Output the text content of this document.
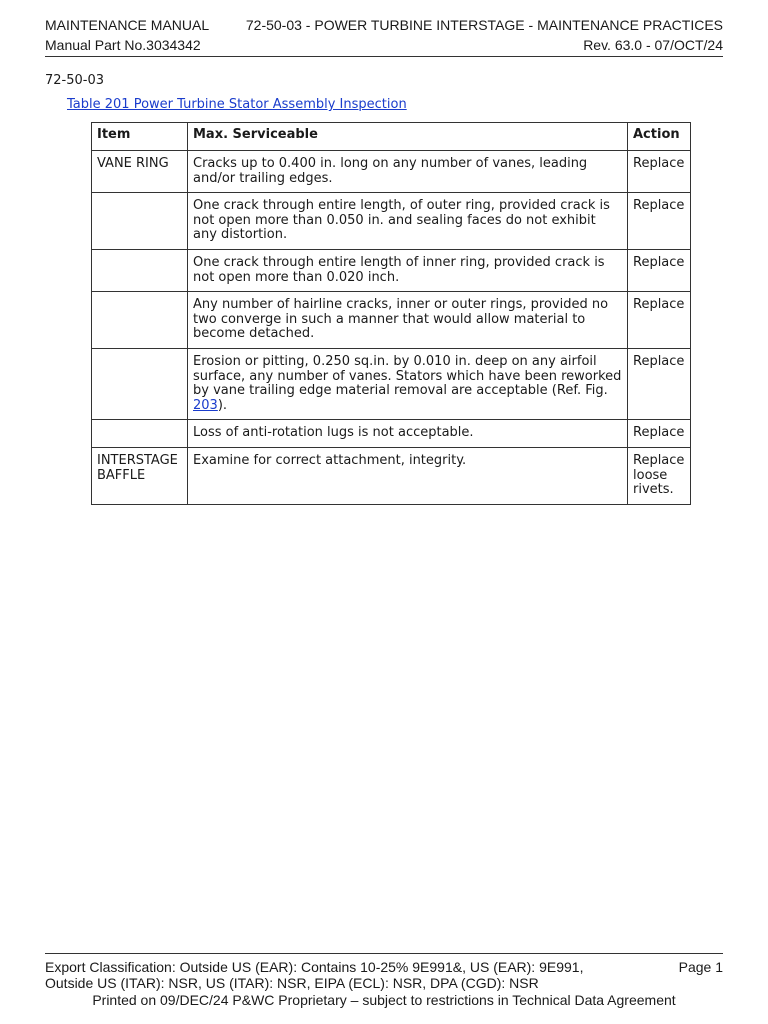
MAINTENANCE MANUAL
Manual Part No.3034342
72-50-03 - POWER TURBINE INTERSTAGE - MAINTENANCE PRACTICES
Rev. 63.0 - 07/OCT/24
72-50-03
Table 201 Power Turbine Stator Assembly Inspection
Item	Max. Serviceable	Action
VANE RING	Cracks up to 0.400 in. long on any number of vanes, leading and/or trailing edges.	Replace
	One crack through entire length, of outer ring, provided crack is not open more than 0.050 in. and sealing faces do not exhibit any distortion.	Replace
	One crack through entire length of inner ring, provided crack is not open more than 0.020 inch.	Replace
	Any number of hairline cracks, inner or outer rings, provided no two converge in such a manner that would allow material to become detached.	Replace
	Erosion or pitting, 0.250 sq.in. by 0.010 in. deep on any airfoil surface, any number of vanes. Stators which have been reworked by vane trailing edge material removal are acceptable (Ref. Fig. 203).	Replace
	Loss of anti-rotation lugs is not acceptable.	Replace
INTERSTAGE BAFFLE	Examine for correct attachment, integrity.	Replace loose rivets.
Export Classification: Outside US (EAR): Contains 10-25% 9E991&, US (EAR): 9E991, Outside US (ITAR): NSR, US (ITAR): NSR, EIPA (ECL): NSR, DPA (CGD): NSR
Page 1
Printed on 09/DEC/24 P&WC Proprietary – subject to restrictions in Technical Data Agreement
